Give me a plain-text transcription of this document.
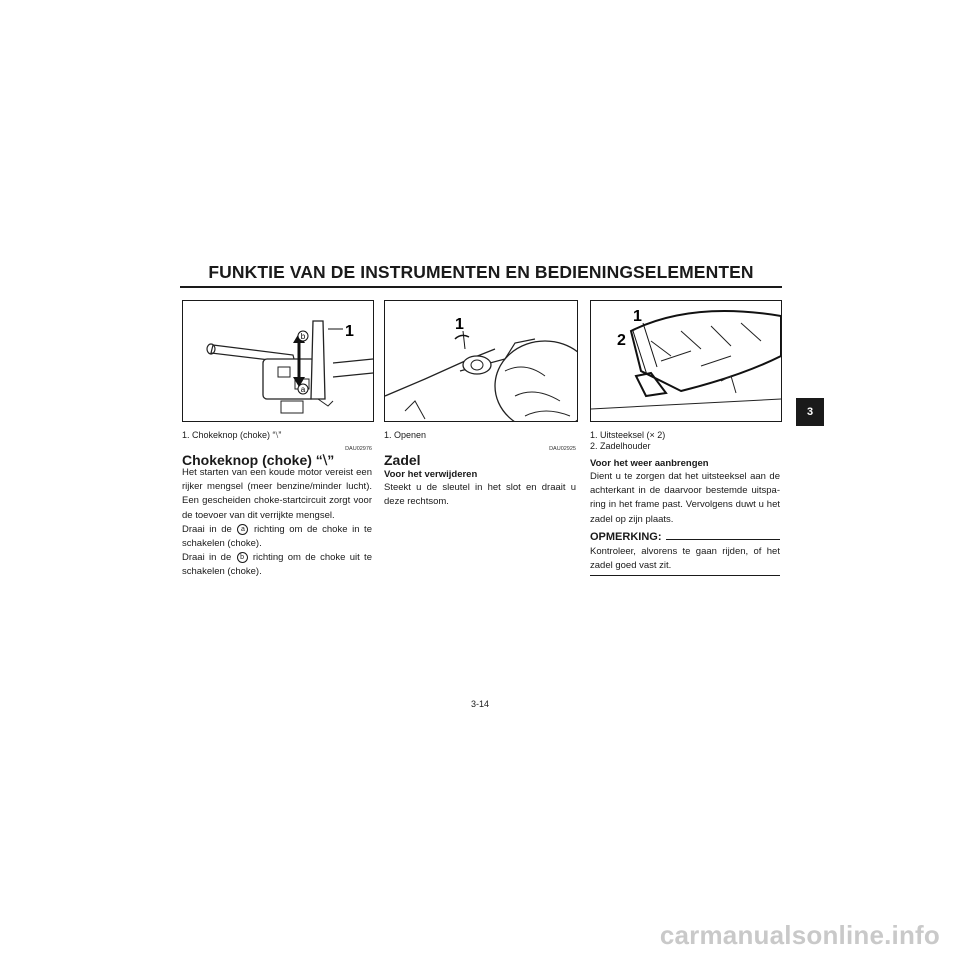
FUNKTIE VAN DE INSTRUMENTEN EN BEDIENINGSELEMENTEN
b
a
1	1	1
2
1. Chokeknop (choke) “⧵”
DAU02976
Chokeknop (choke) “⧵”

Het starten van een koude motor vereist een rijker mengsel (meer benzine/minder lucht). Een gescheiden choke-startcircuit zorgt voor de toevoer van dit verrijkte mengsel.

Draai in de a richting om de choke in te schakelen (choke).

Draai in de b richting om de choke uit te schakelen (choke).

1. Openen
DAU02925
Zadel
Voor het verwijderen
Steekt u de sleutel in het slot en draait u deze rechtsom.
1. Uitsteeksel (× 2)
2. Zadelhouder
Voor het weer aanbrengen
Dient u te zorgen dat het uitsteeksel aan de achterkant in de daarvoor bestemde uitspa-ring in het frame past. Vervolgens duwt u het zadel op zijn plaats.
OPMERKING:
Kontroleer, alvorens te gaan rijden, of het zadel goed vast zit.
3
3-14
carmanualsonline.info
